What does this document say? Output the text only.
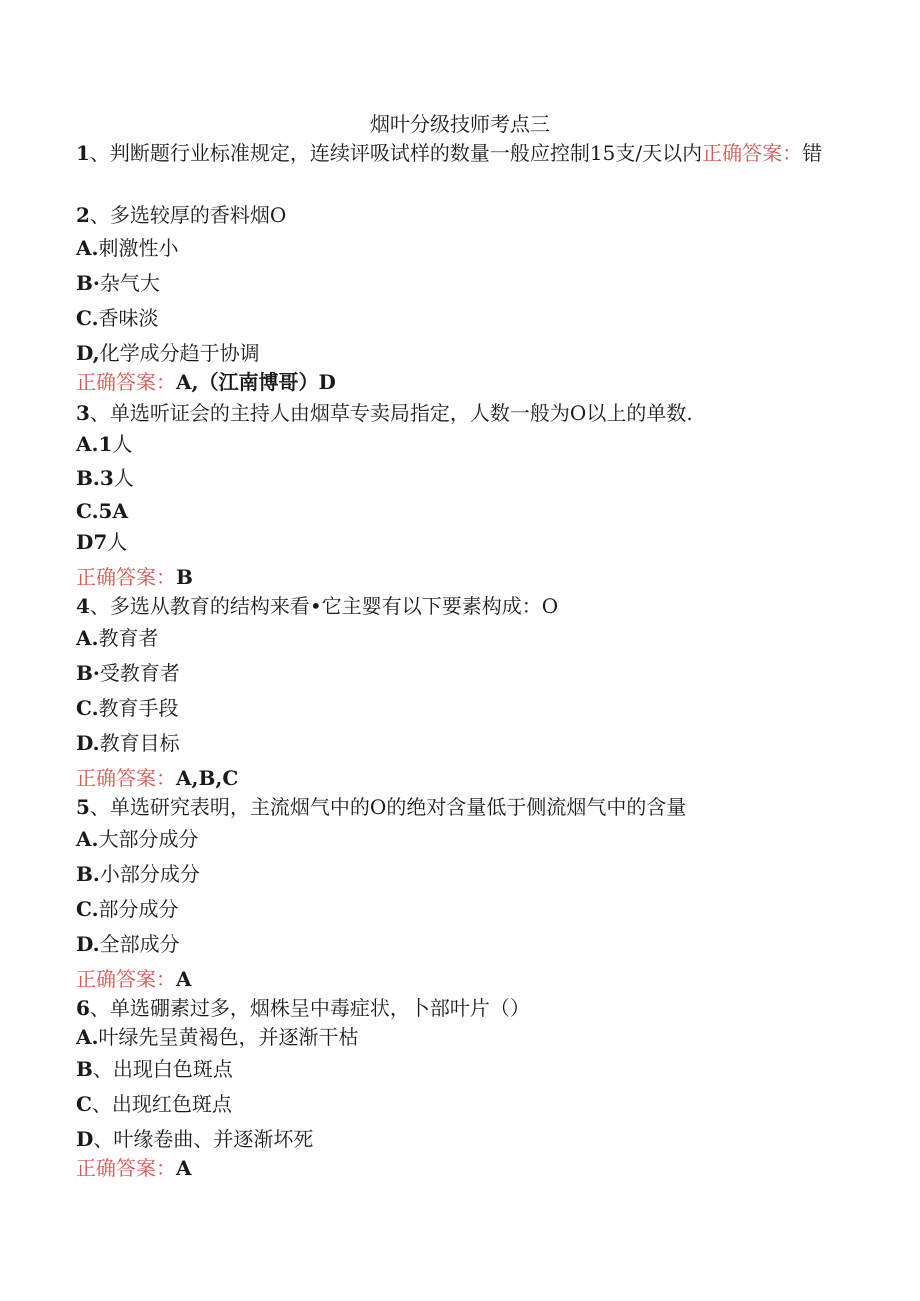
烟叶分级技师考点三
1、判断题行业标准规定，连续评吸试样的数量一般应控制15支/天以内正确答案：错
2、多选较厚的香料烟O
A.刺激性小
B·杂气大
C.香味淡
D,化学成分趋于协调
正确答案：A,（江南博哥）D
3、单选听证会的主持人由烟草专卖局指定，人数一般为O以上的单数.
A.1人
B.3人
C.5A
D7人
正确答案：B
4、多选从教育的结构来看•它主婴有以下要素构成：O
A.教育者
B·受教育者
C.教育手段
D.教育目标
正确答案：A,B,C
5、单选研究表明，主流烟气中的O的绝对含量低于侧流烟气中的含量
A.大部分成分
B.小部分成分
C.部分成分
D.全部成分
正确答案：A
6、单选硼素过多，烟株呈中毒症状，卜部叶片（）
A.叶绿先呈黄褐色，并逐渐干枯
B、出现白色斑点
C、出现红色斑点
D、叶缘卷曲、并逐渐坏死
正确答案：A
